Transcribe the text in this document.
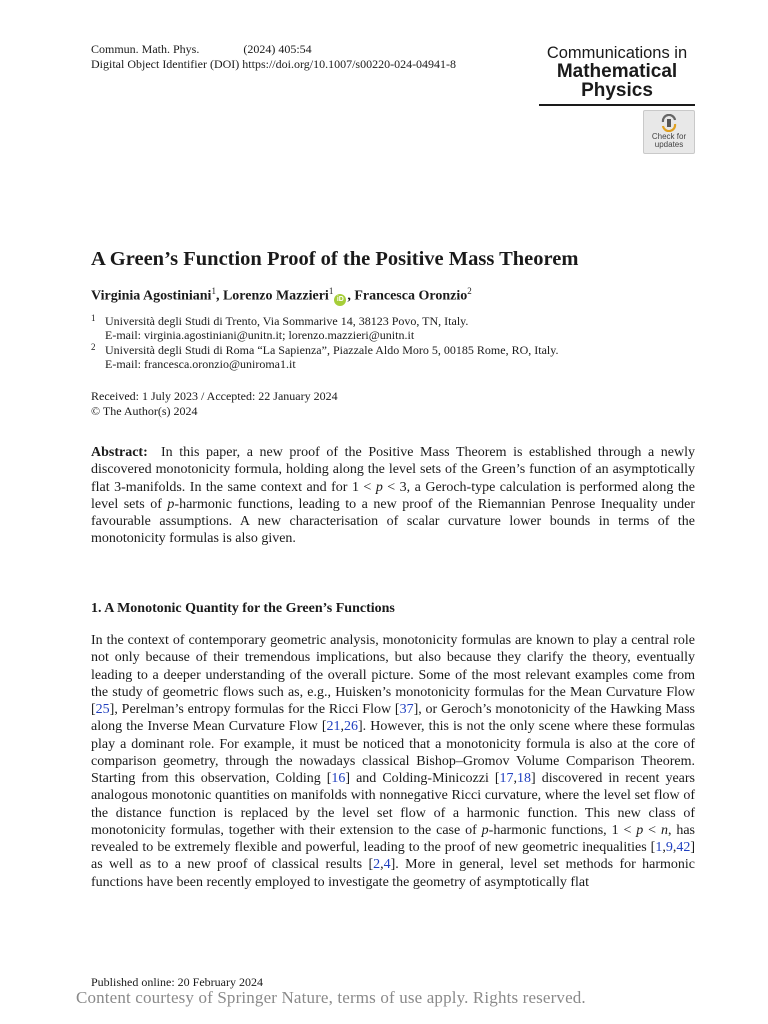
Commun. Math. Phys.	(2024) 405:54
Digital Object Identifier (DOI) https://doi.org/10.1007/s00220-024-04941-8
Communications in
Mathematical
Physics
Check for
updates
A Green’s Function Proof of the Positive Mass Theorem
Virginia Agostiniani$^1$, Lorenzo Mazzieri$^1$iD , Francesca Oronzio$^2$
1 Università degli Studi di Trento, Via Sommarive 14, 38123 Povo, TN, Italy.
E-mail: virginia.agostiniani@unitn.it; lorenzo.mazzieri@unitn.it
2 Università degli Studi di Roma “La Sapienza”, Piazzale Aldo Moro 5, 00185 Rome, RO, Italy.
E-mail: francesca.oronzio@uniroma1.it
Received: 1 July 2023 / Accepted: 22 January 2024
© The Author(s) 2024
Abstract: In this paper, a new proof of the Positive Mass Theorem is established through a newly discovered monotonicity formula, holding along the level sets of the Green’s function of an asymptotically flat 3-manifolds. In the same context and for 1 < p < 3, a Geroch-type calculation is performed along the level sets of p-harmonic functions, leading to a new proof of the Riemannian Penrose Inequality under favourable assumptions. A new characterisation of scalar curvature lower bounds in terms of the monotonicity formulas is also given.
1. A Monotonic Quantity for the Green’s Functions
In the context of contemporary geometric analysis, monotonicity formulas are known to play a central role not only because of their tremendous implications, but also because they clarify the theory, eventually leading to a deeper understanding of the overall picture. Some of the most relevant examples come from the study of geometric flows such as, e.g., Huisken’s monotonicity formulas for the Mean Curvature Flow [25], Perelman’s entropy formulas for the Ricci Flow [37], or Geroch’s monotonicity of the Hawking Mass along the Inverse Mean Curvature Flow [21,26]. However, this is not the only scene where these formulas play a dominant role. For example, it must be noticed that a monotonicity formula is also at the core of comparison geometry, through the nowadays classical Bishop–Gromov Volume Comparison Theorem. Starting from this observation, Colding [16] and Colding-Minicozzi [17,18] discovered in recent years analogous monotonic quantities on manifolds with nonnegative Ricci curvature, where the level set flow of the distance function is replaced by the level set flow of a harmonic function. This new class of monotonicity formulas, together with their extension to the case of p-harmonic functions, 1 < p < n, has revealed to be extremely flexible and powerful, leading to the proof of new geometric inequalities [1,9,42] as well as to a new proof of classical results [2,4]. More in general, level set methods for harmonic functions have been recently employed to investigate the geometry of asymptotically flat
Published online: 20 February 2024
Content courtesy of Springer Nature, terms of use apply. Rights reserved.
